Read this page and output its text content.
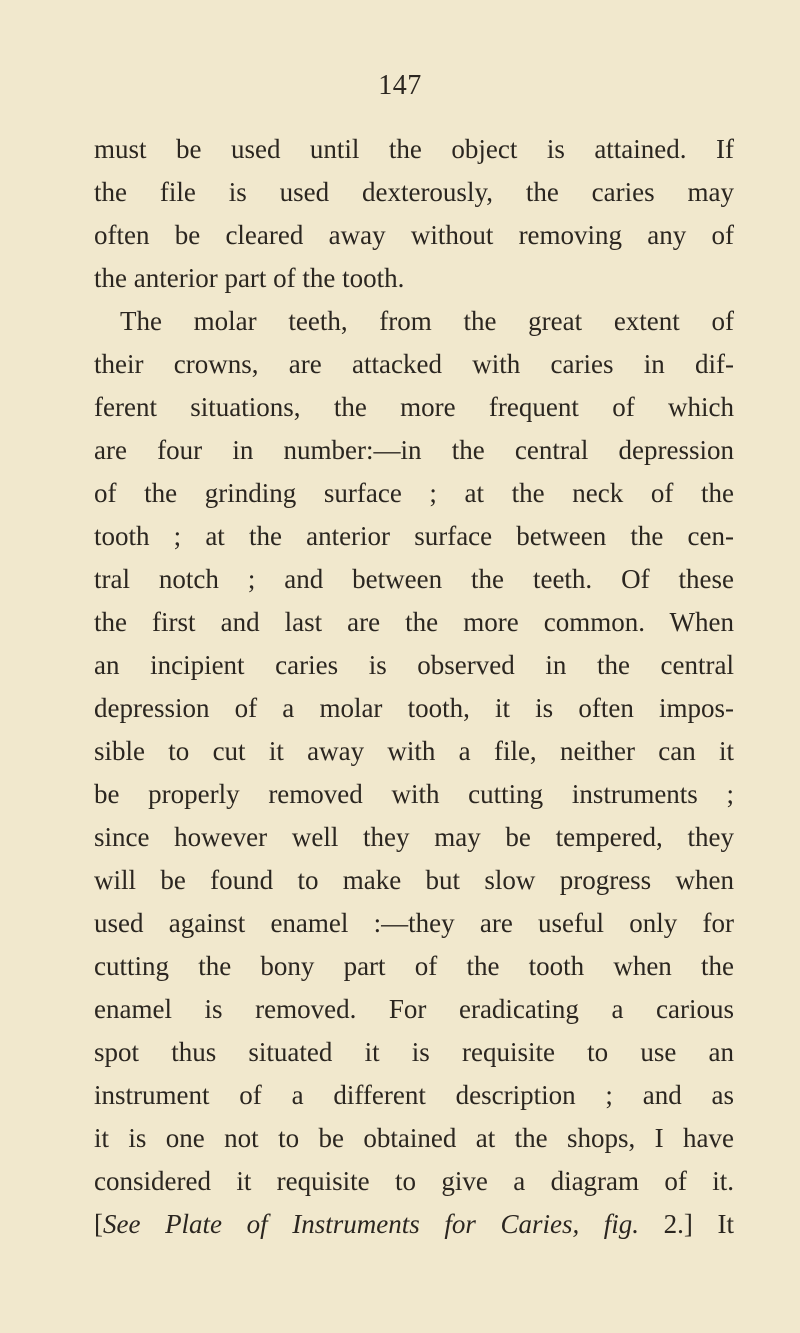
147
must be used until the object is attained. If
the file is used dexterously, the caries may
often be cleared away without removing any of
the anterior part of the tooth.
The molar teeth, from the great extent of
their crowns, are attacked with caries in dif-
ferent situations, the more frequent of which
are four in number:—in the central depression
of the grinding surface ; at the neck of the
tooth ; at the anterior surface between the cen-
tral notch ; and between the teeth. Of these
the first and last are the more common. When
an incipient caries is observed in the central
depression of a molar tooth, it is often impos-
sible to cut it away with a file, neither can it
be properly removed with cutting instruments ;
since however well they may be tempered, they
will be found to make but slow progress when
used against enamel :—they are useful only for
cutting the bony part of the tooth when the
enamel is removed. For eradicating a carious
spot thus situated it is requisite to use an
instrument of a different description ; and as
it is one not to be obtained at the shops, I have
considered it requisite to give a diagram of it.
[See Plate of Instruments for Caries, fig. 2.] It
